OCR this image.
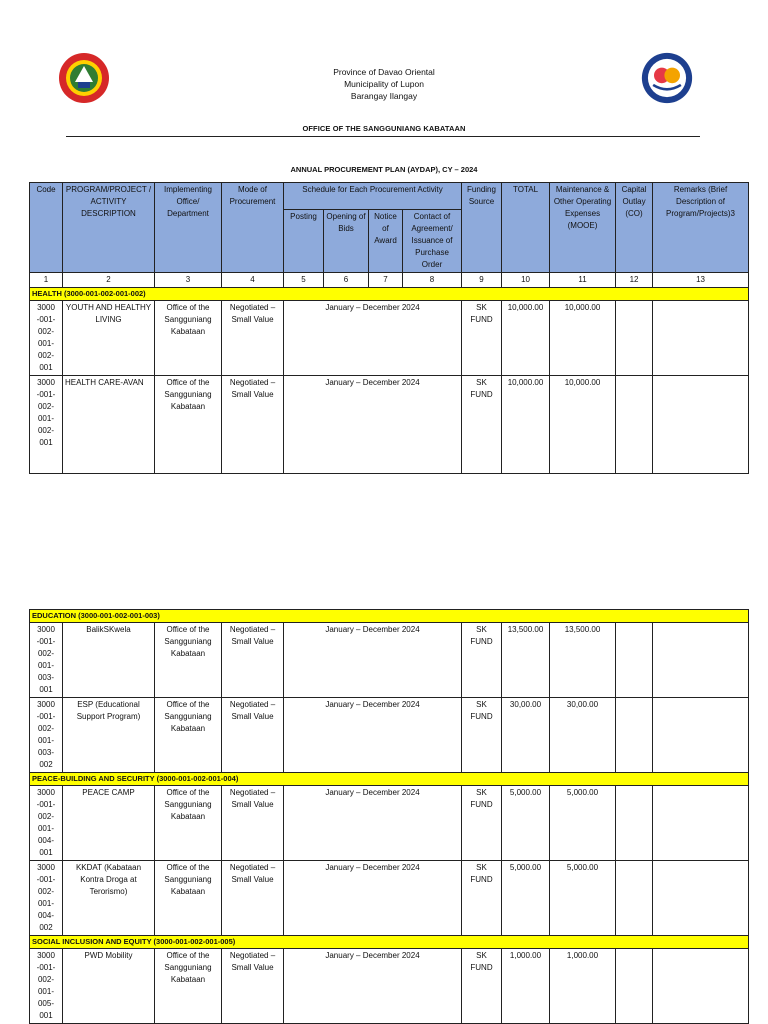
Province of Davao Oriental
Municipality of Lupon
Barangay Ilangay
OFFICE OF THE SANGGUNIANG KABATAAN
ANNUAL PROCUREMENT PLAN (AYDAP), CY – 2024
Code	PROGRAM/PROJECT / ACTIVITY DESCRIPTION	Implementing Office/ Department	Mode of Procurement	Schedule for Each Procurement Activity				Funding Source	TOTAL	Maintenance & Other Operating Expenses (MOOE)	Capital Outlay (CO)	Remarks (Brief Description of Program/Projects)3
				Posting	Opening of Bids	Notice of Award	Contact of Agreement/ Issuance of Purchase Order					
1	2	3	4	5	6	7	8	9	10	11	12	13
HEALTH (3000-001-002-001-002)												
3000 -001- 002- 001- 002- 001	YOUTH AND HEALTHY LIVING	Office of the Sangguniang Kabataan	Negotiated – Small Value	January – December 2024				SK FUND	10,000.00	10,000.00		
3000 -001- 002- 001- 002- 001	HEALTH CARE-AVAN	Office of the Sangguniang Kabataan	Negotiated – Small Value	January – December 2024				SK FUND	10,000.00	10,000.00		
EDUCATION (3000-001-002-001-003)									
3000 -001- 002- 001- 003- 001	BalikSKwela	Office of the Sangguniang Kabataan	Negotiated – Small Value	January – December 2024	SK FUND	13,500.00	13,500.00		
3000 -001- 002- 001- 003- 002	ESP (Educational Support Program)	Office of the Sangguniang Kabataan	Negotiated – Small Value	January – December 2024	SK FUND	30,00.00	30,00.00		
PEACE-BUILDING AND SECURITY (3000-001-002-001-004)									
3000 -001- 002- 001- 004- 001	PEACE CAMP	Office of the Sangguniang Kabataan	Negotiated – Small Value	January – December 2024	SK FUND	5,000.00	5,000.00		
3000 -001- 002- 001- 004- 002	KKDAT (Kabataan Kontra Droga at Terorismo)	Office of the Sangguniang Kabataan	Negotiated – Small Value	January – December 2024	SK FUND	5,000.00	5,000.00		
SOCIAL INCLUSION AND EQUITY (3000-001-002-001-005)									
3000 -001- 002- 001- 005- 001	PWD Mobility	Office of the Sangguniang Kabataan	Negotiated – Small Value	January – December 2024	SK FUND	1,000.00	1,000.00		
